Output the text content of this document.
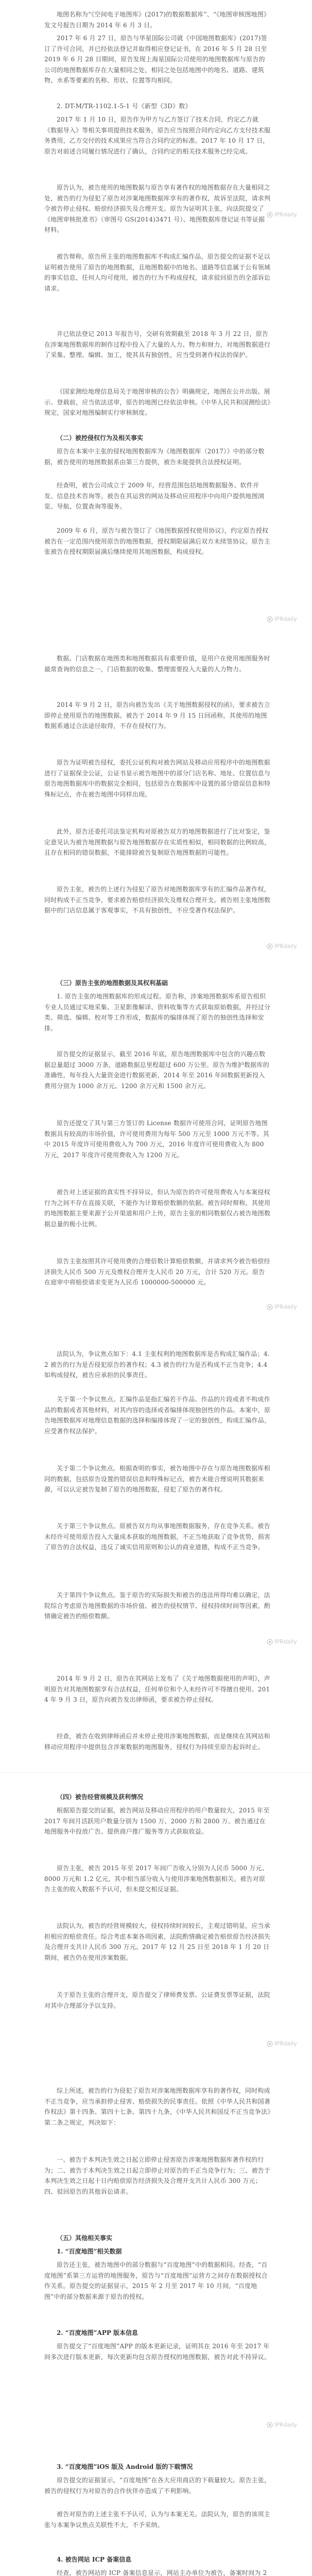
地图名称为“《空间电子地图库》(2017)的数据数据库”、“《地图审核图地图》发文号报告日期为 2014 年 6 月 3 日。

2017 年 6 月 27 日，原告与华星国际公司就《中国地图数据库》(2017)签订了许可合同，并已经依法登记并取得相应登记证书，在 2016 年 5 月 28 日至 2019 年 6 月 28 日期间，原告发现上海星国际公司使用的地图数据库与原告的公司的地图数据库存在大量相同之处，相同之处包括地图中的地名、道路、建筑物、水系等要素的名称、形状、位置等均相同。

2. DT-M/TR-1102.1-5-1 号《新型《3D》数》

2017 年 1 月 10 日，原告作为甲方与乙方签订了技术合同，约定乙方就《数据导入》等相关事项提供技术服务，原告应当按照合同约定向乙方支付技术服务费用，乙方交付的技术成果应当符合合同约定的标准。2017 年 10 月 17 日，原告对前述合同履行情况进行了确认，合同约定的相关技术服务已经完成。

原告认为，被告使用的地图数据与原告享有著作权的地图数据存在大量相同之处，被告的行为侵犯了原告对涉案地图数据库享有的著作权，故诉至法院，请求判令被告停止侵权、赔偿经济损失及合理开支。原告为证明其主张，向法院提交了《地图审核批准书》（审图号 GS(2014)3471 号）、地图数据库登记证书等证据材料。

被告辩称，原告所主张的地图数据库不构成汇编作品，原告提交的证据不足以证明被告使用了原告的地图数据，且地图数据中的地名、道路等信息属于公有领域的事实信息，任何人均可使用，被告的行为不构成侵权，请求驳回原告的全部诉讼请求。

IPRdaily

并已依法登记 2013 年报告号，交研有效期截至 2018 年 3 月 22 日，原告在涉案地图数据库的制作过程中投入了大量的人力、物力和财力，对地图数据进行了采集、整理、编辑、加工，使其具有独创性，应当受到著作权法的保护。

《国家测绘地理信息局关于地图审核的公告》明确规定，地图在公开出版、展示、登载前，应当依法送审，原告的地图已经依法审核。《中华人民共和国测绘法》规定，国家对地图编制实行审核制度。

（二）被控侵权行为及相关事实

原告在本案中主张的侵权地图数据库为《地图数据库（2017）》中的部分数据，被告使用的地图数据系由第三方提供，被告未能提供合法授权证明。

经查明，被告公司成立于 2009 年，经营范围包括地图数据服务、软件开发、信息技术咨询等。被告在其运营的网站及移动应用程序中向用户提供地图浏览、导航、位置查询等服务。

2009 年 6 月，原告与被告签订了《地图数据授权使用协议》，约定原告授权被告在一定范围内使用原告的地图数据，授权期限届满后双方未续签协议。原告主张被告在授权期限届满后继续使用其地图数据，构成侵权。

IPRdaily

数据。门店数据在地图类和地图数据具有重要价值，是用户在使用地图服务时最常查询的信息之一，门店数据的收集、整理需要投入大量的人力物力。

2014 年 9 月 2 日，原告向被告发出《关于地图数据侵权的函》，要求被告立即停止使用原告的地图数据。被告于 2014 年 9 月 15 日回函称，其使用的地图数据系通过合法途径取得，不存在侵权行为。

原告为证明被告侵权，委托公证机构对被告网站及移动应用程序中的地图数据进行了证据保全公证，公证书显示被告地图中的部分门店名称、地址、位置信息与原告地图数据库中的数据完全相同，包括原告在数据库中设置的部分错误信息和特殊标记点，亦在被告地图中同样出现。

此外，原告还委托司法鉴定机构对原被告双方的地图数据进行了比对鉴定，鉴定意见认为被告地图数据与原告地图数据存在实质性相似，相同数据的比例较高，且存在相同的错误数据，不能排除被告复制原告地图数据的可能性。

原告主张，被告的上述行为侵犯了原告对地图数据库享有的汇编作品著作权，同时构成不正当竞争，要求被告赔偿经济损失及维权合理开支。被告则主张地图数据中的门店信息属于客观事实，不具有独创性，不应受著作权法保护。

IPRdaily

（三）原告主张的地图数据及其权利基础

1. 原告主张的地图数据库的形成过程。原告称，涉案地图数据库系原告组织专业人员通过实地采集、卫星影像解译、资料收集等方式获取原始数据，并经过分类、筛选、编辑、校对等工作形成，数据库的编排体现了原告的独创性选择和安排。

原告提交的证据显示，截至 2016 年底，原告地图数据库中包含的兴趣点数据总量超过 3000 万条，道路数据总里程超过 600 万公里。原告为维护数据库的准确性，每年投入大量资金进行数据更新，2014 年至 2016 年间数据更新投入费用分别为 1000 余万元、1200 余万元和 1500 余万元。

原告还提交了其与第三方签订的 License 数据许可使用合同，证明原告地图数据具有较高的市场价值，许可使用费用为每年 500 万元至 1000 万元不等。其中 2015 年度许可使用费收入为 700 万元，2016 年度许可使用费收入为 800 万元，2017 年度许可使用费收入为 1200 万元。

被告对上述证据的真实性不持异议，但认为原告的许可使用费收入与本案侵权行为之间不存在直接关联，不能作为计算赔偿数额的依据。被告同时辩称，其使用的地图数据主要来源于公开渠道和用户上传，原告主张的相同数据仅占被告地图数据总量的极小比例。

原告主张按照其许可使用费的合理倍数计算赔偿数额，并请求判令被告赔偿经济损失人民币 500 万元及维权合理开支人民币 20 万元，合计 520 万元。原告在庭审中将赔偿请求变更为人民币 1000000-500000 元。

IPRdaily

法院认为，争议焦点如下：4.1 主张权利的地图数据库是否构成汇编作品；4.2 被告的行为是否侵犯原告的著作权；4.3 被告的行为是否构成不正当竞争；4.4 如构成侵权，被告应承担的民事责任。

关于第一个争议焦点。汇编作品是指汇编若干作品、作品的片段或者不构成作品的数据或者其他材料，对其内容的选择或者编排体现独创性的作品。本案中，原告地图数据库对地理信息数据的选择和编排体现了一定的独创性，构成汇编作品，应受著作权法保护。

关于第二个争议焦点。根据查明的事实，被告地图中存在与原告地图数据库相同的数据，包括原告设置的错误信息和特殊标记点，被告未能合理说明其数据来源，可以认定被告复制了原告的地图数据，侵犯了原告的著作权。

关于第三个争议焦点。原被告双方均从事地图数据服务，存在竞争关系。被告未经许可使用原告投入大量成本获取的地图数据，不正当地获取了竞争优势，损害了原告的合法权益，违反了诚实信用原则和公认的商业道德，构成不正当竞争。

关于第四个争议焦点。鉴于原告的实际损失和被告的违法所得均难以确定，法院综合考虑原告地图数据的市场价值、被告的侵权情节、侵权持续时间等因素，酌情确定被告的赔偿数额。

IPRdaily

2014 年 9 月 2 日，原告在其网站上发布了《关于地图数据使用的声明》，声明原告对其地图数据享有合法权益，任何单位和个人未经许可不得擅自使用。2014 年 9 月 3 日，原告向被告发出律师函，要求被告停止侵权。

经查，被告在收到律师函后并未停止使用涉案地图数据，而是继续在其网站和移动应用程序中提供包含涉案数据的地图服务，侵权行为持续至原告起诉时止。

（四）被告经营规模及获利情况

根据原告提交的证据，被告网站及移动应用程序的用户数量较大，2015 年至 2017 年间月活跃用户数量分别为 1500 万、2000 万和 2800 万。被告通过在地图服务中投放广告、提供商户推广服务等方式获取收益。

原告主张，被告 2015 年至 2017 年间广告收入分别为人民币 5000 万元、8000 万元和 1.2 亿元，其中相当部分收入与使用涉案地图数据相关。被告对原告主张的收入数据不予认可，但未提交相反证据。

法院认为，被告的经营规模较大，侵权持续时间较长，主观过错明显，应当承担相应的赔偿责任。综合考虑本案各项因素，法院酌情确定被告赔偿原告经济损失及合理开支共计人民币 300 万元。2017 年 12 月 25 日至 2018 年 1 月 20 日期间，被告仍在使用涉案数据。

关于原告主张的合理开支，原告提交了律师费发票、公证费发票等证据，法院对其中合理部分予以支持。

IPRdaily

综上所述，被告的行为侵犯了原告对涉案地图数据库享有的著作权，同时构成不正当竞争，应当承担停止侵害、赔偿损失的民事责任。依照《中华人民共和国著作权法》第十四条、第四十七条、第四十九条，《中华人民共和国反不正当竞争法》第二条之规定，判决如下：

一、被告于本判决生效之日起立即停止侵害原告涉案地图数据库著作权的行为；二、被告于本判决生效之日起立即停止对原告的不正当竞争行为；三、被告于本判决生效之日起十日内赔偿原告经济损失及合理开支共计人民币 300 万元；四、驳回原告的其他诉讼请求。

（五）其他相关事实

1. “百度地图”相关数据

原告还主张，被告地图中的部分数据与“百度地图”中的数据相同。经查，“百度地图”系第三方运营的地图服务，原告与“百度地图”运营方之间存在数据授权合作关系。原告提交的证据显示，2015 年 2 月至 2017 年 10 月间，“百度地图”中的部分数据来源于原告的授权。

2. “百度地图”APP 版本信息

原告提交了“百度地图”APP 的版本更新记录，证明其在 2016 年至 2017 年间多次进行版本更新，每次更新均包含原告授权的地图数据，被告对此不持异议。

IPRdaily

3. “百度地图”iOS 版及 Android 版的下载情况

原告提交的证据显示，“百度地图”在各大应用商店的下载量较大。原告主张，被告的侵权行为对原告的合作伙伴亦造成了不利影响。

被告对原告的上述主张不予认可，认为与本案无关。法院认为，原告的该项主张与本案争议焦点关联性不大，不予采纳。

4. 被告网站 ICP 备案信息

经查，被告网站的 ICP 备案信息显示，网站主办单位为被告，备案时间为 2
